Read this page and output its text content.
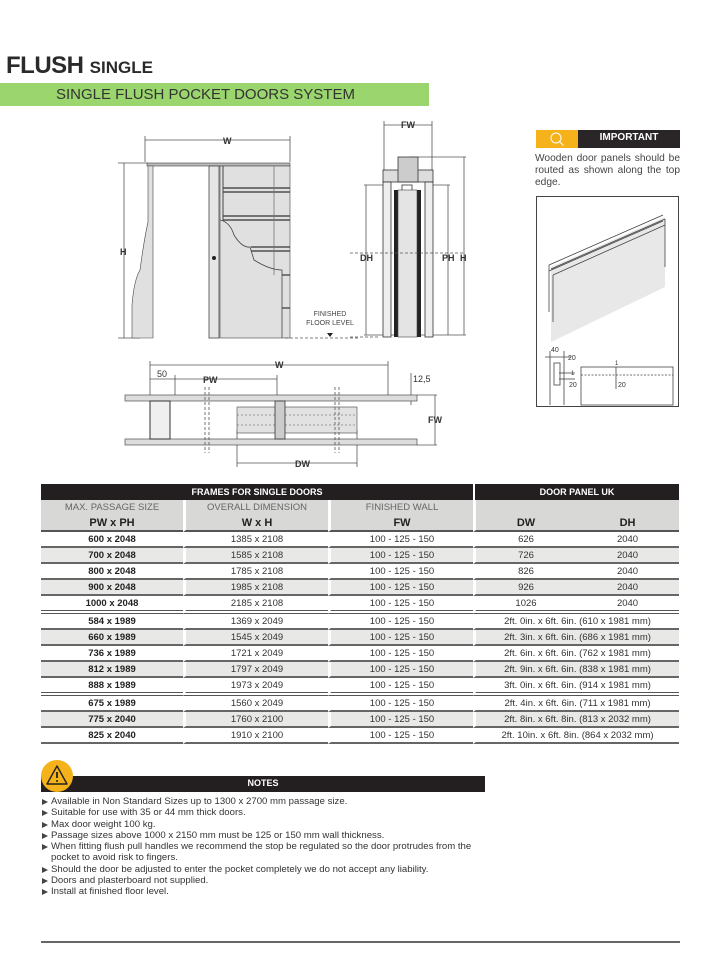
FLUSH SINGLE
SINGLE FLUSH POCKET DOORS SYSTEM
W
H
FINISHED
FLOOR LEVEL
FW
DH	PH H
W
50
PW	12,5
FW
DW
IMPORTANT
Wooden door panels should be routed as shown along the top edge.
40
20
1
20
1
20
FRAMES FOR SINGLE DOORS			DOOR PANEL UK	
MAX. PASSAGE SIZE	OVERALL DIMENSION	FINISHED WALL		
PW x PH	W x H	FW	DW	DH
600 x 2048	1385 x 2108	100 - 125 - 150	626	2040
700 x 2048	1585 x 2108	100 - 125 - 150	726	2040
800 x 2048	1785 x 2108	100 - 125 - 150	826	2040
900 x 2048	1985 x 2108	100 - 125 - 150	926	2040
1000 x 2048	2185 x 2108	100 - 125 - 150	1026	2040
584 x 1989	1369 x 2049	100 - 125 - 150	2ft. 0in. x 6ft. 6in. (610 x 1981 mm)	
660 x 1989	1545 x 2049	100 - 125 - 150	2ft. 3in. x 6ft. 6in. (686 x 1981 mm)	
736 x 1989	1721 x 2049	100 - 125 - 150	2ft. 6in. x 6ft. 6in. (762 x 1981 mm)	
812 x 1989	1797 x 2049	100 - 125 - 150	2ft. 9in. x 6ft. 6in. (838 x 1981 mm)	
888 x 1989	1973 x 2049	100 - 125 - 150	3ft. 0in. x 6ft. 6in. (914 x 1981 mm)	
675 x 1989	1560 x 2049	100 - 125 - 150	2ft. 4in. x 6ft. 6in. (711 x 1981 mm)	
775 x 2040	1760 x 2100	100 - 125 - 150	2ft. 8in. x 6ft. 8in. (813 x 2032 mm)	
825 x 2040	1910 x 2100	100 - 125 - 150	2ft. 10in. x 6ft. 8in. (864 x 2032 mm)	
NOTES
Available in Non Standard Sizes up to 1300 x 2700 mm passage size.
Suitable for use with 35 or 44 mm thick doors.
Max door weight 100 kg.
Passage sizes above 1000 x 2150 mm must be 125 or 150 mm wall thickness.
When fitting flush pull handles we recommend the stop be regulated so the door protrudes from the pocket to avoid risk to fingers.
Should the door be adjusted to enter the pocket completely we do not accept any liability.
Doors and plasterboard not supplied.
Install at finished floor level.
